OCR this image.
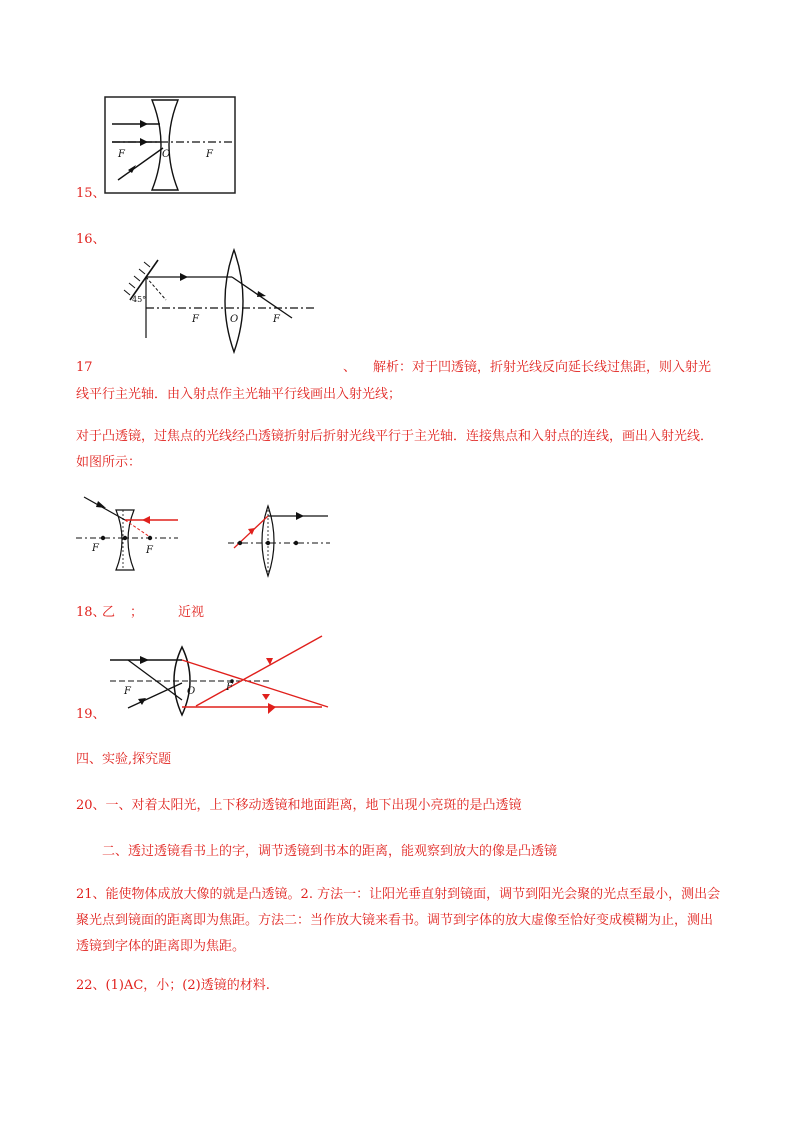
F	O	F
15、
16、
45°
F	O	F
17	、 解析：对于凹透镜，折射光线反向延长线过焦距，则入射光
线平行主光轴．由入射点作主光轴平行线画出入射光线；
对于凸透镜，过焦点的光线经凸透镜折射后折射光线平行于主光轴．连接焦点和入射点的连线，画出入射光线．如图所示：
F	F
18、
乙 ；	近视
F	O	F
19、
四、实验,探究题
20、一、对着太阳光，上下移动透镜和地面距离，地下出现小亮斑的是凸透镜
二、透过透镜看书上的字，调节透镜到书本的距离，能观察到放大的像是凸透镜
21、能使物体成放大像的就是凸透镜。2. 方法一：让阳光垂直射到镜面，调节到阳光会聚的光点至最小，测出会聚光点到镜面的距离即为焦距。方法二：当作放大镜来看书。调节到字体的放大虚像至恰好变成模糊为止，测出透镜到字体的距离即为焦距。
22、(1)AC，小；(2)透镜的材料.
